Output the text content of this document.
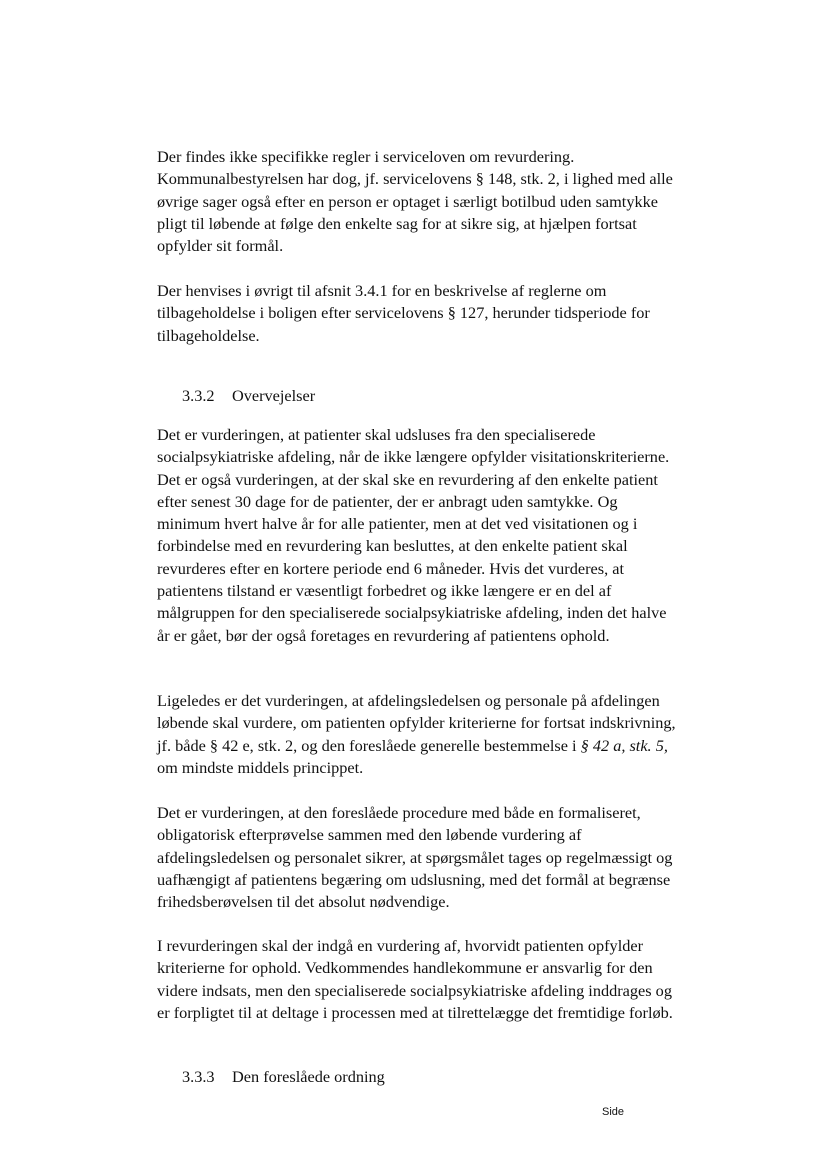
Der findes ikke specifikke regler i serviceloven om revurdering. Kommunalbestyrelsen har dog, jf. servicelovens § 148, stk. 2, i lighed med alle øvrige sager også efter en person er optaget i særligt botilbud uden samtykke pligt til løbende at følge den enkelte sag for at sikre sig, at hjælpen fortsat opfylder sit formål.

Der henvises i øvrigt til afsnit 3.4.1 for en beskrivelse af reglerne om tilbageholdelse i boligen efter servicelovens § 127, herunder tidsperiode for tilbageholdelse.

3.3.2 Overvejelser

Det er vurderingen, at patienter skal udsluses fra den specialiserede socialpsykiatriske afdeling, når de ikke længere opfylder visitationskriterierne. Det er også vurderingen, at der skal ske en revurdering af den enkelte patient efter senest 30 dage for de patienter, der er anbragt uden samtykke. Og minimum hvert halve år for alle patienter, men at det ved visitationen og i forbindelse med en revurdering kan besluttes, at den enkelte patient skal revurderes efter en kortere periode end 6 måneder. Hvis det vurderes, at patientens tilstand er væsentligt forbedret og ikke længere er en del af målgruppen for den specialiserede socialpsykiatriske afdeling, inden det halve år er gået, bør der også foretages en revurdering af patientens ophold.

Ligeledes er det vurderingen, at afdelingsledelsen og personale på afdelingen løbende skal vurdere, om patienten opfylder kriterierne for fortsat indskrivning, jf. både § 42 e, stk. 2, og den foreslåede generelle bestemmelse i § 42 a, stk. 5, om mindste middels princippet.

Det er vurderingen, at den foreslåede procedure med både en formaliseret, obligatorisk efterprøvelse sammen med den løbende vurdering af afdelingsledelsen og personalet sikrer, at spørgsmålet tages op regelmæssigt og uafhængigt af patientens begæring om udslusning, med det formål at begrænse frihedsberøvelsen til det absolut nødvendige.

I revurderingen skal der indgå en vurdering af, hvorvidt patienten opfylder kriterierne for ophold. Vedkommendes handlekommune er ansvarlig for den videre indsats, men den specialiserede socialpsykiatriske afdeling inddrages og er forpligtet til at deltage i processen med at tilrettelægge det fremtidige forløb.

3.3.3 Den foreslåede ordning
Side
